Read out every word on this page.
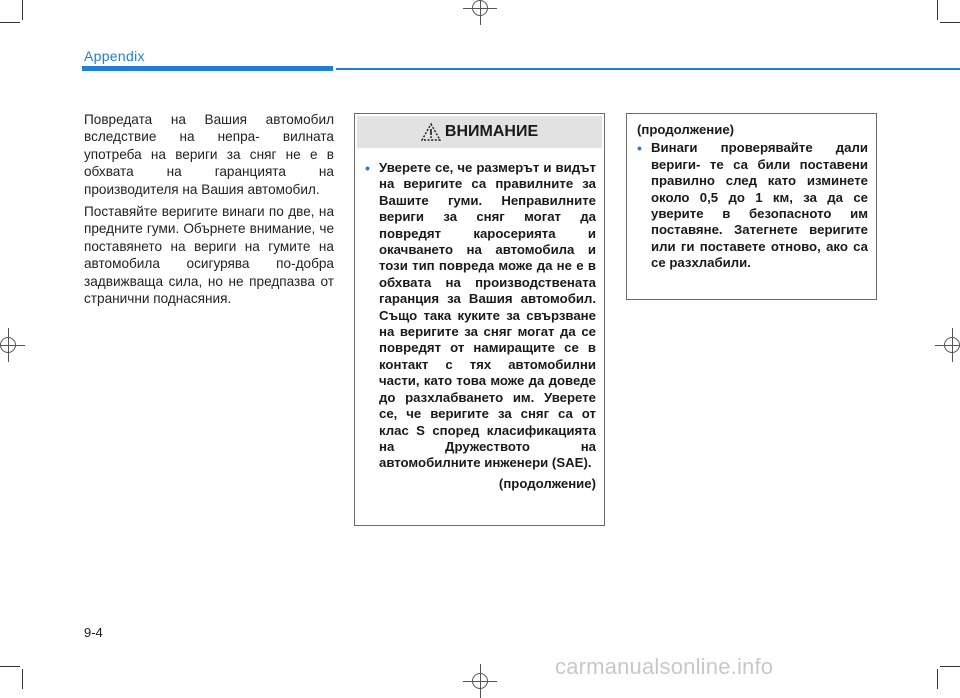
Appendix

Повредата на Вашия автомобил вследствие на непра- вилната употреба на вериги за сняг не е в обхвата на гаранцията на производителя на Вашия автомобил.

Поставяйте веригите винаги по две, на предните гуми. Обърнете внимание, че поставянето на вериги на гумите на автомобила осигурява по-добра задвижваща сила, но не предпазва от странични поднасяния.

ВНИМАНИЕ
• Уверете се, че размерът и видът на веригите са правилните за Вашите гуми. Неправилните вериги за сняг могат да повредят каросерията и окачването на автомобила и този тип повреда може да не е в обхвата на производствената гаранция за Вашия автомобил. Също така куките за свързване на веригите за сняг могат да се повредят от намиращите се в контакт с тях автомобилни части, като това може да доведе до разхлабването им. Уверете се, че веригите за сняг са от клас S според класификацията на Дружеството на автомобилните инженери (SAE).
(продолжение)
(продолжение)
• Винаги проверявайте дали вериги- те са били поставени правилно след като изминете около 0,5 до 1 км, за да се уверите в безопасното им поставяне. Затегнете веригите или ги поставете отново, ако са се разхлабили.
9-4
carmanualsonline.info
